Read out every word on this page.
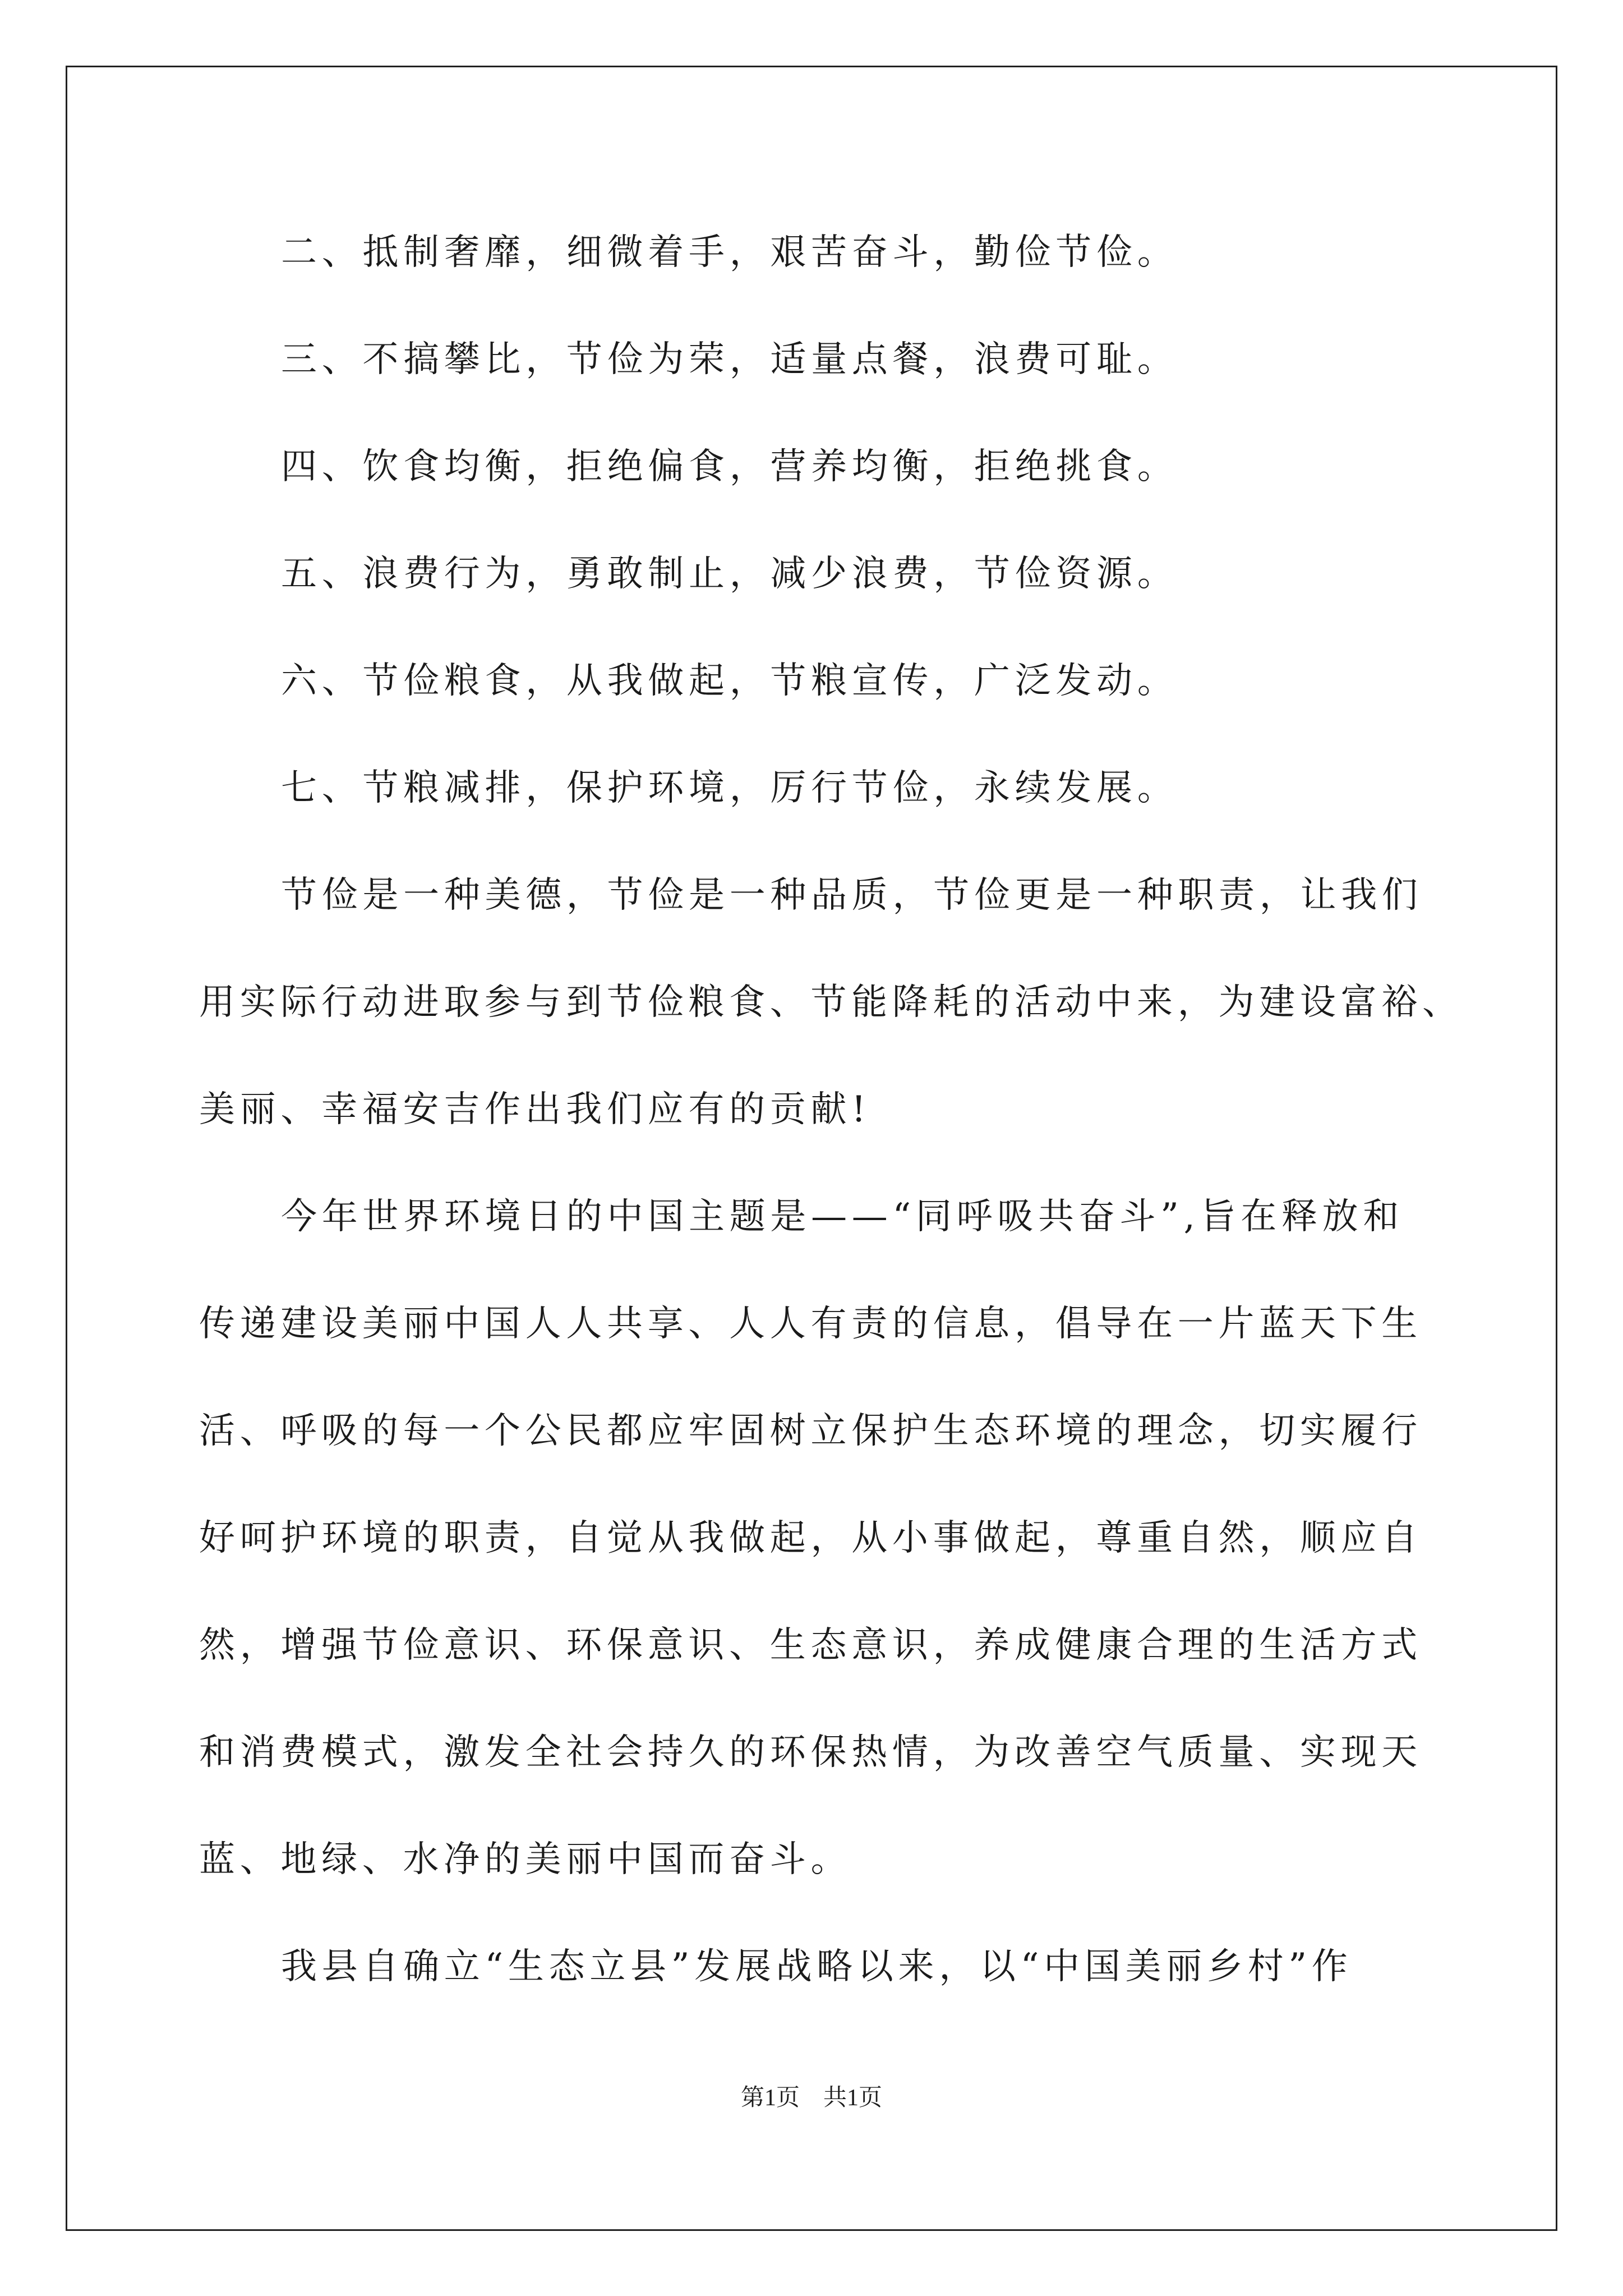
二、抵制奢靡，细微着手，艰苦奋斗，勤俭节俭。
三、不搞攀比，节俭为荣，适量点餐，浪费可耻。
四、饮食均衡，拒绝偏食，营养均衡，拒绝挑食。
五、浪费行为，勇敢制止，减少浪费，节俭资源。
六、节俭粮食，从我做起，节粮宣传，广泛发动。
七、节粮减排，保护环境，厉行节俭，永续发展。
节俭是一种美德，节俭是一种品质，节俭更是一种职责，让我们
用实际行动进取参与到节俭粮食、节能降耗的活动中来，为建设富裕、
美丽、幸福安吉作出我们应有的贡献!
今年世界环境日的中国主题是——“同呼吸共奋斗”,旨在释放和
传递建设美丽中国人人共享、人人有责的信息，倡导在一片蓝天下生
活、呼吸的每一个公民都应牢固树立保护生态环境的理念，切实履行
好呵护环境的职责，自觉从我做起，从小事做起，尊重自然，顺应自
然，增强节俭意识、环保意识、生态意识，养成健康合理的生活方式
和消费模式，激发全社会持久的环保热情，为改善空气质量、实现天
蓝、地绿、水净的美丽中国而奋斗。
我县自确立“生态立县”发展战略以来，以“中国美丽乡村”作
第1页　共1页
